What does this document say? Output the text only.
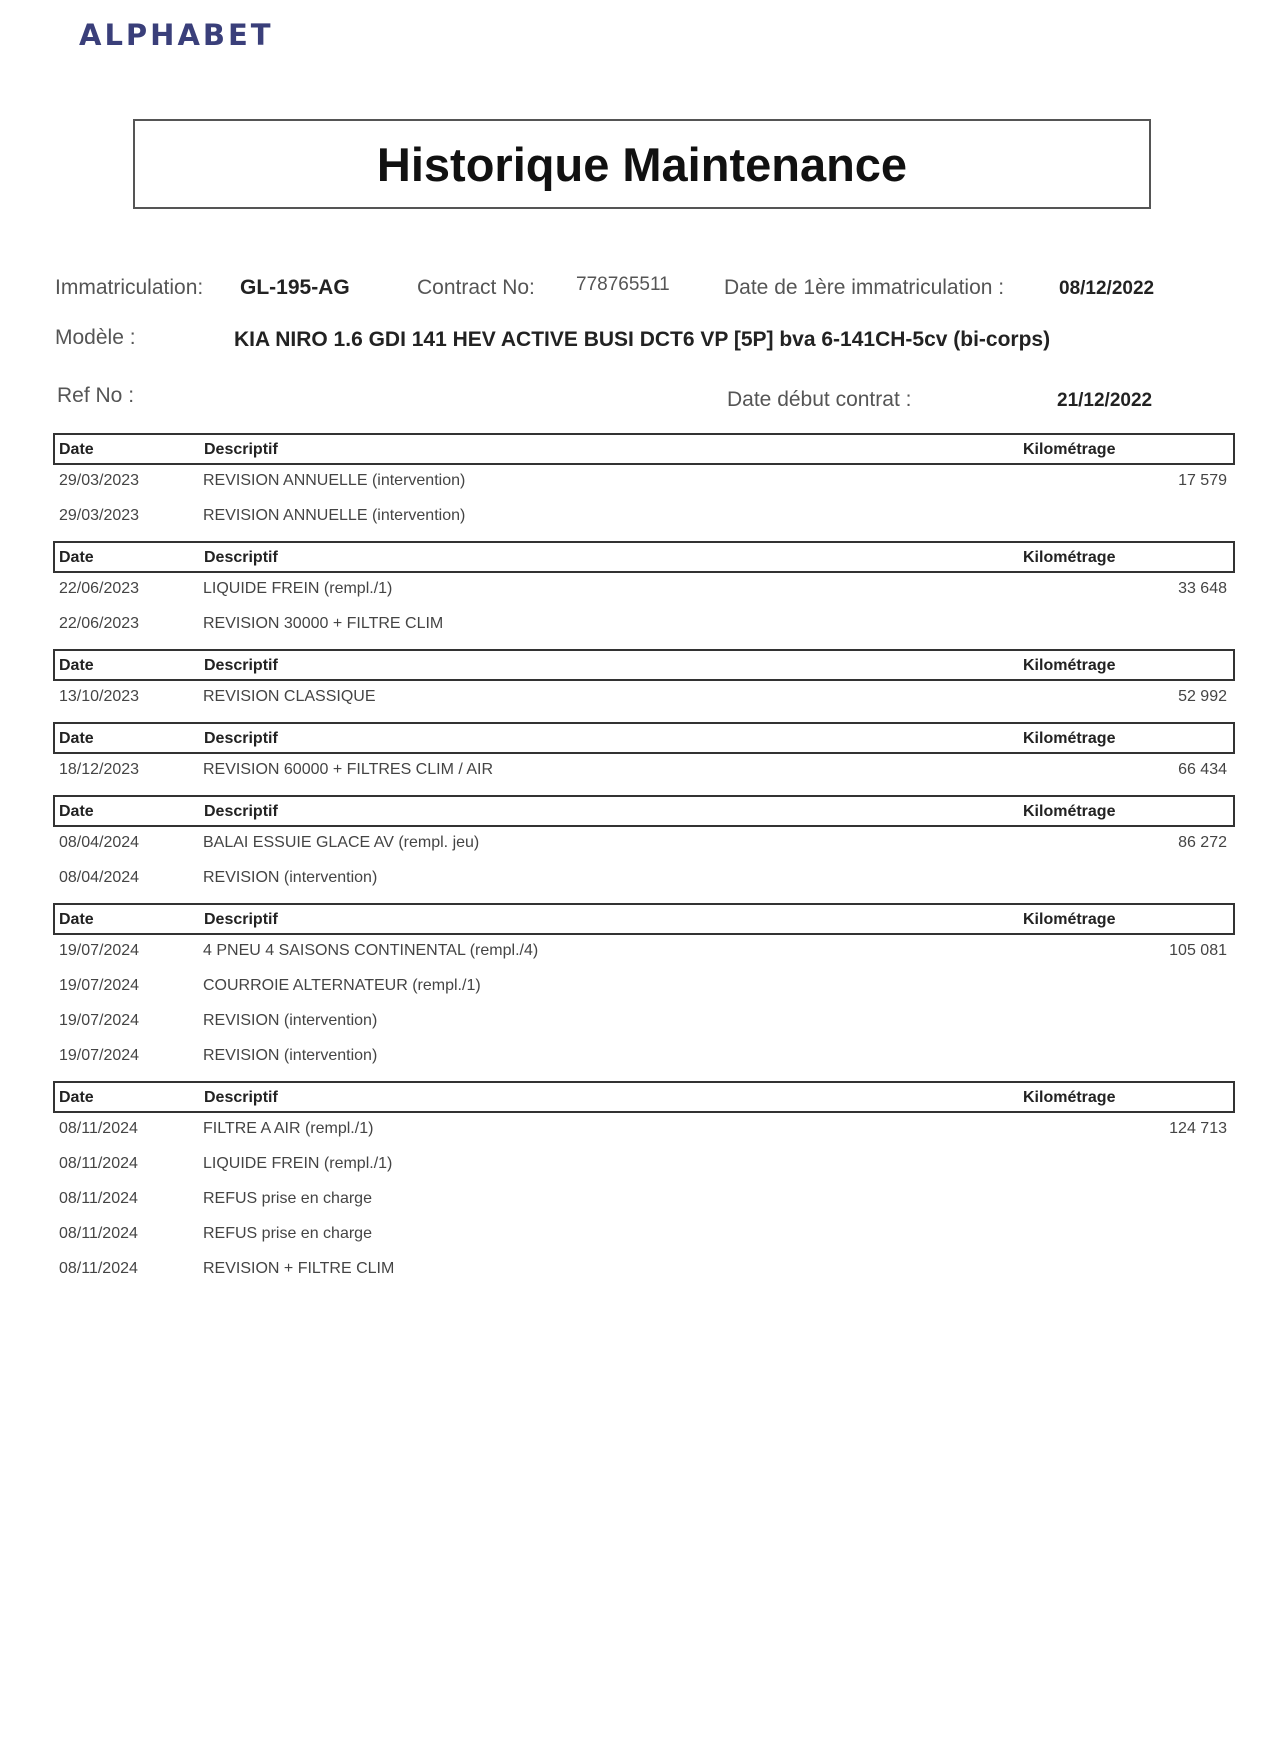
ALPHABET
Historique Maintenance
Immatriculation: GL-195-AG	Contract No: 778765511	Date de 1ère immatriculation :	08/12/2022
Modèle :	KIA NIRO 1.6 GDI 141 HEV ACTIVE BUSI DCT6 VP [5P] bva 6-141CH-5cv (bi-corps)
Ref No :	Date début contrat :	21/12/2022
Date	Descriptif	Kilométrage
29/03/2023	REVISION ANNUELLE (intervention)	17 579
29/03/2023	REVISION ANNUELLE (intervention)
Date	Descriptif	Kilométrage
22/06/2023	LIQUIDE FREIN (rempl./1)	33 648
22/06/2023	REVISION 30000 + FILTRE CLIM
Date	Descriptif	Kilométrage
13/10/2023	REVISION CLASSIQUE	52 992
Date	Descriptif	Kilométrage
18/12/2023	REVISION 60000 + FILTRES CLIM / AIR	66 434
Date	Descriptif	Kilométrage
08/04/2024	BALAI ESSUIE GLACE AV (rempl. jeu)	86 272
08/04/2024	REVISION (intervention)
Date	Descriptif	Kilométrage
19/07/2024	4 PNEU 4 SAISONS CONTINENTAL (rempl./4)	105 081
19/07/2024	COURROIE ALTERNATEUR (rempl./1)
19/07/2024	REVISION (intervention)
19/07/2024	REVISION (intervention)
Date	Descriptif	Kilométrage
08/11/2024	FILTRE A AIR (rempl./1)	124 713
08/11/2024	LIQUIDE FREIN (rempl./1)
08/11/2024	REFUS prise en charge
08/11/2024	REFUS prise en charge
08/11/2024	REVISION + FILTRE CLIM
